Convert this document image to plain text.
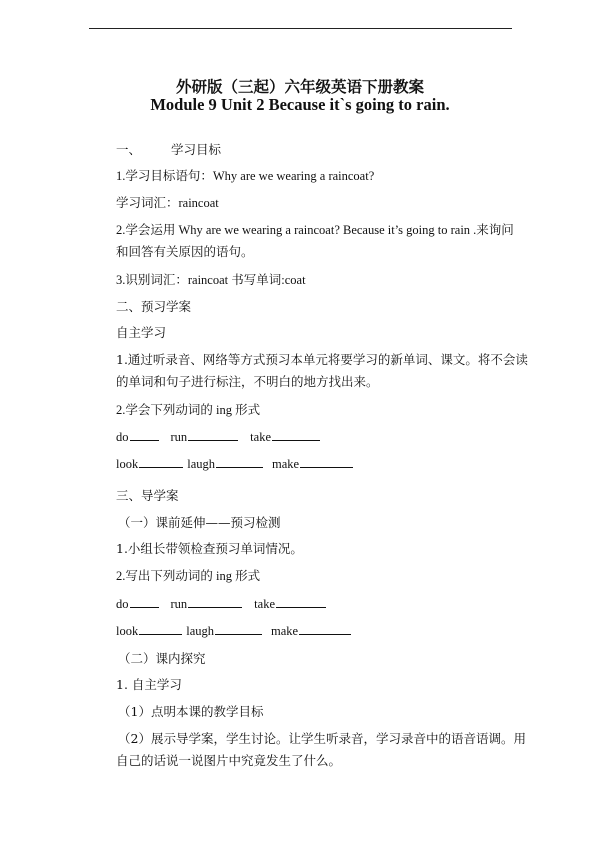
外研版（三起）六年级英语下册教案
Module 9 Unit 2 Because it`s going to rain.
一、 学习目标
1.学习目标语句：Why are we wearing a raincoat?
学习词汇：raincoat
2.学会运用 Why are we wearing a raincoat? Because it’s going to rain .来询问
和回答有关原因的语句。
3.识别词汇：raincoat 书写单词:coat
二、预习学案
自主学习
1.通过听录音、网络等方式预习本单元将要学习的新单词、课文。将不会读
的单词和句子进行标注，不明白的地方找出来。
2.学会下列动词的 ing 形式
do	run	take
look	laugh	make
三、导学案
（一）课前延伸——预习检测
1.小组长带领检查预习单词情况。
2.写出下列动词的 ing 形式
do	run	take
look	laugh	make
（二）课内探究
1. 自主学习
（1）点明本课的教学目标
（2）展示导学案，学生讨论。让学生听录音，学习录音中的语音语调。用
自己的话说一说图片中究竟发生了什么。
